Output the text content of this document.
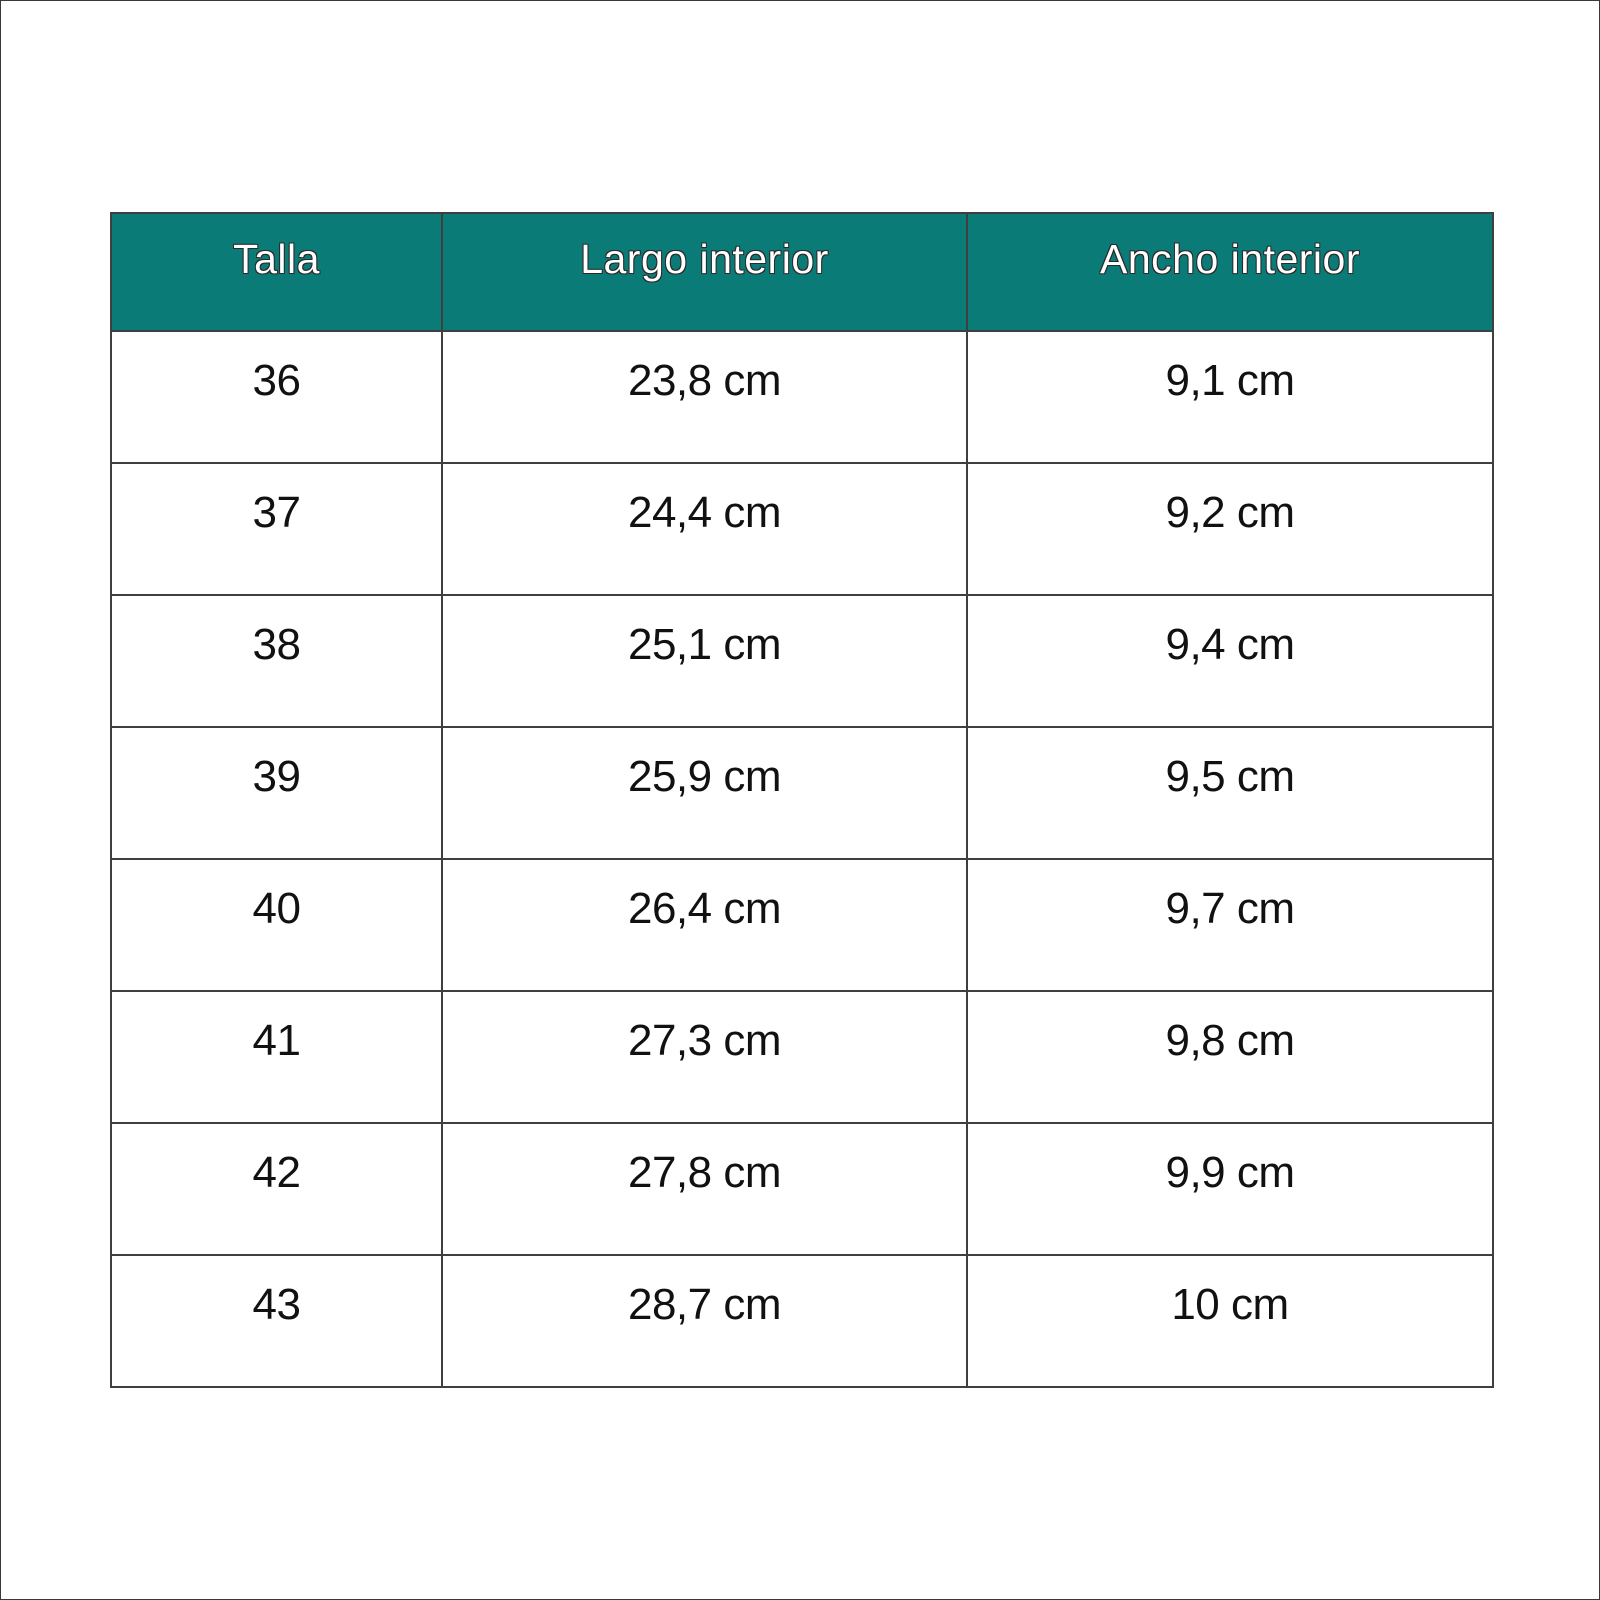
Talla	Largo interior	Ancho interior
36	23,8 cm	9,1 cm
37	24,4 cm	9,2 cm
38	25,1 cm	9,4 cm
39	25,9 cm	9,5 cm
40	26,4 cm	9,7 cm
41	27,3 cm	9,8 cm
42	27,8 cm	9,9 cm
43	28,7 cm	10 cm
